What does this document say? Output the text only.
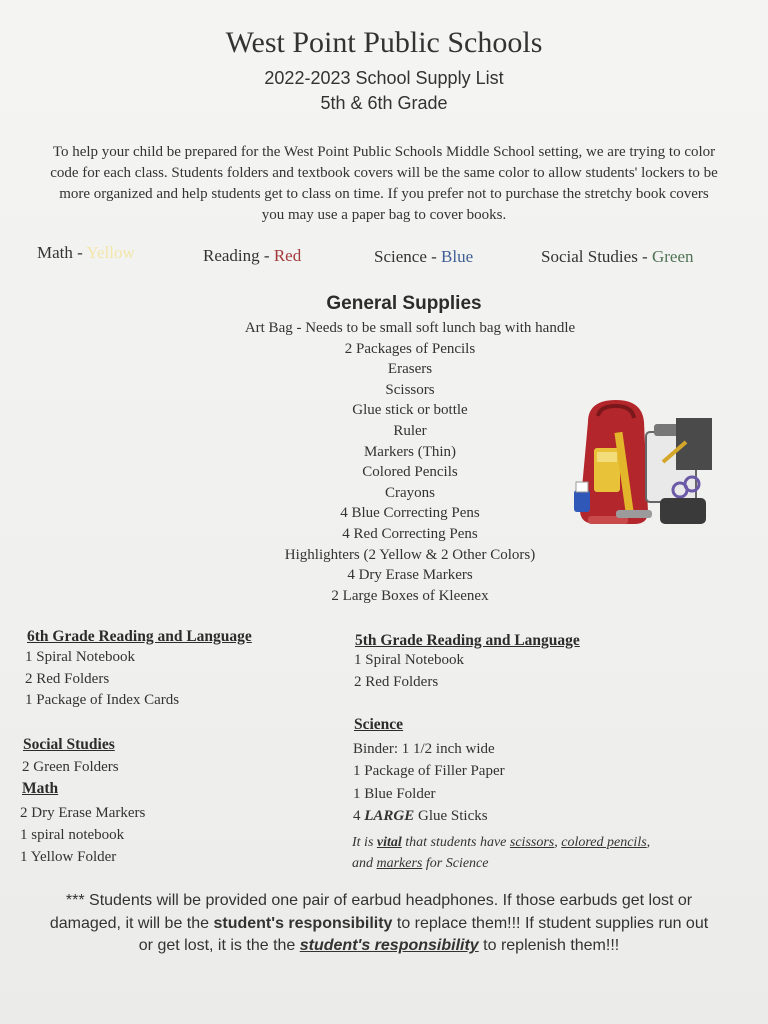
West Point Public Schools
2022-2023 School Supply List
5th & 6th Grade
To help your child be prepared for the West Point Public Schools Middle School setting, we are trying to color
code for each class. Students folders and textbook covers will be the same color to allow students' lockers to be
more organized and help students get to class on time. If you prefer not to purchase the stretchy book covers
you may use a paper bag to cover books.
Math - Yellow	Reading - Red	Science - Blue	Social Studies - Green
General Supplies
Art Bag - Needs to be small soft lunch bag with handle
2 Packages of Pencils
Erasers
Scissors
Glue stick or bottle
Ruler
Markers (Thin)
Colored Pencils
Crayons
4 Blue Correcting Pens
4 Red Correcting Pens
Highlighters (2 Yellow & 2 Other Colors)
4 Dry Erase Markers
2 Large Boxes of Kleenex
6th Grade Reading and Language
1 Spiral Notebook
2 Red Folders
1 Package of Index Cards
5th Grade Reading and Language
1 Spiral Notebook
2 Red Folders
Social Studies
2 Green Folders
Math
2 Dry Erase Markers
1 spiral notebook
1 Yellow Folder
Science
Binder: 1 1/2 inch wide
1 Package of Filler Paper
1 Blue Folder
4 LARGE Glue Sticks
It is vital that students have scissors, colored pencils,
and markers for Science
*** Students will be provided one pair of earbud headphones. If those earbuds get lost or
damaged, it will be the student's responsibility to replace them!!! If student supplies run out
or get lost, it is the the student's responsibility to replenish them!!!
